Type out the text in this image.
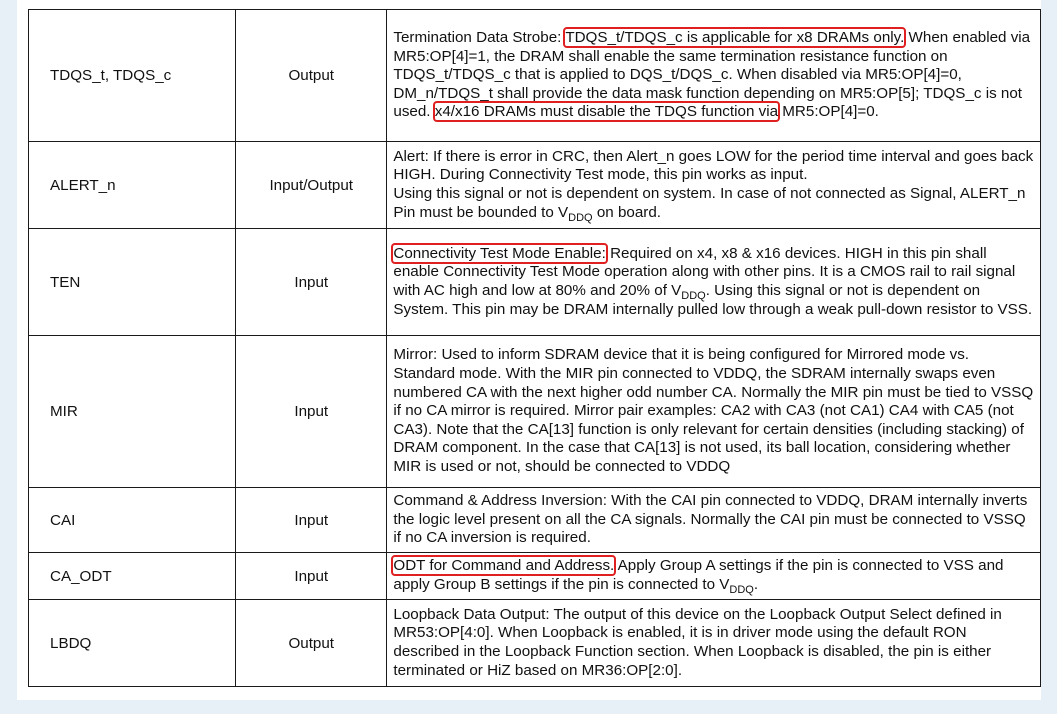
TDQS_t, TDQS_c	Output	Termination Data Strobe: TDQS_t/TDQS_c is applicable for x8 DRAMs only. When enabled via MR5:OP[4]=1, the DRAM shall enable the same termination resistance function on TDQS_t/TDQS_c that is applied to DQS_t/DQS_c. When disabled via MR5:OP[4]=0, DM_n/TDQS_t shall provide the data mask function depending on MR5:OP[5]; TDQS_c is not used. x4/x16 DRAMs must disable the TDQS function via MR5:OP[4]=0.
ALERT_n	Input/Output	Alert: If there is error in CRC, then Alert_n goes LOW for the period time interval and goes back HIGH. During Connectivity Test mode, this pin works as input.
Using this signal or not is dependent on system. In case of not connected as Signal, ALERT_n Pin must be bounded to $V_{DDQ}$ on board.
TEN	Input	Connectivity Test Mode Enable: Required on x4, x8 & x16 devices. HIGH in this pin shall enable Connectivity Test Mode operation along with other pins. It is a CMOS rail to rail signal with AC high and low at 80% and 20% of $V_{DDQ}$. Using this signal or not is dependent on System. This pin may be DRAM internally pulled low through a weak pull-down resistor to VSS.
MIR	Input	Mirror: Used to inform SDRAM device that it is being configured for Mirrored mode vs. Standard mode. With the MIR pin connected to VDDQ, the SDRAM internally swaps even numbered CA with the next higher odd number CA. Normally the MIR pin must be tied to VSSQ if no CA mirror is required. Mirror pair examples: CA2 with CA3 (not CA1) CA4 with CA5 (not CA3). Note that the CA[13] function is only relevant for certain densities (including stacking) of DRAM component. In the case that CA[13] is not used, its ball location, considering whether MIR is used or not, should be connected to VDDQ
CAI	Input	Command & Address Inversion: With the CAI pin connected to VDDQ, DRAM internally inverts the logic level present on all the CA signals. Normally the CAI pin must be connected to VSSQ if no CA inversion is required.
CA_ODT	Input	ODT for Command and Address. Apply Group A settings if the pin is connected to VSS and apply Group B settings if the pin is connected to $V_{DDQ}$.
LBDQ	Output	Loopback Data Output: The output of this device on the Loopback Output Select defined in MR53:OP[4:0]. When Loopback is enabled, it is in driver mode using the default RON described in the Loopback Function section. When Loopback is disabled, the pin is either terminated or HiZ based on MR36:OP[2:0].
